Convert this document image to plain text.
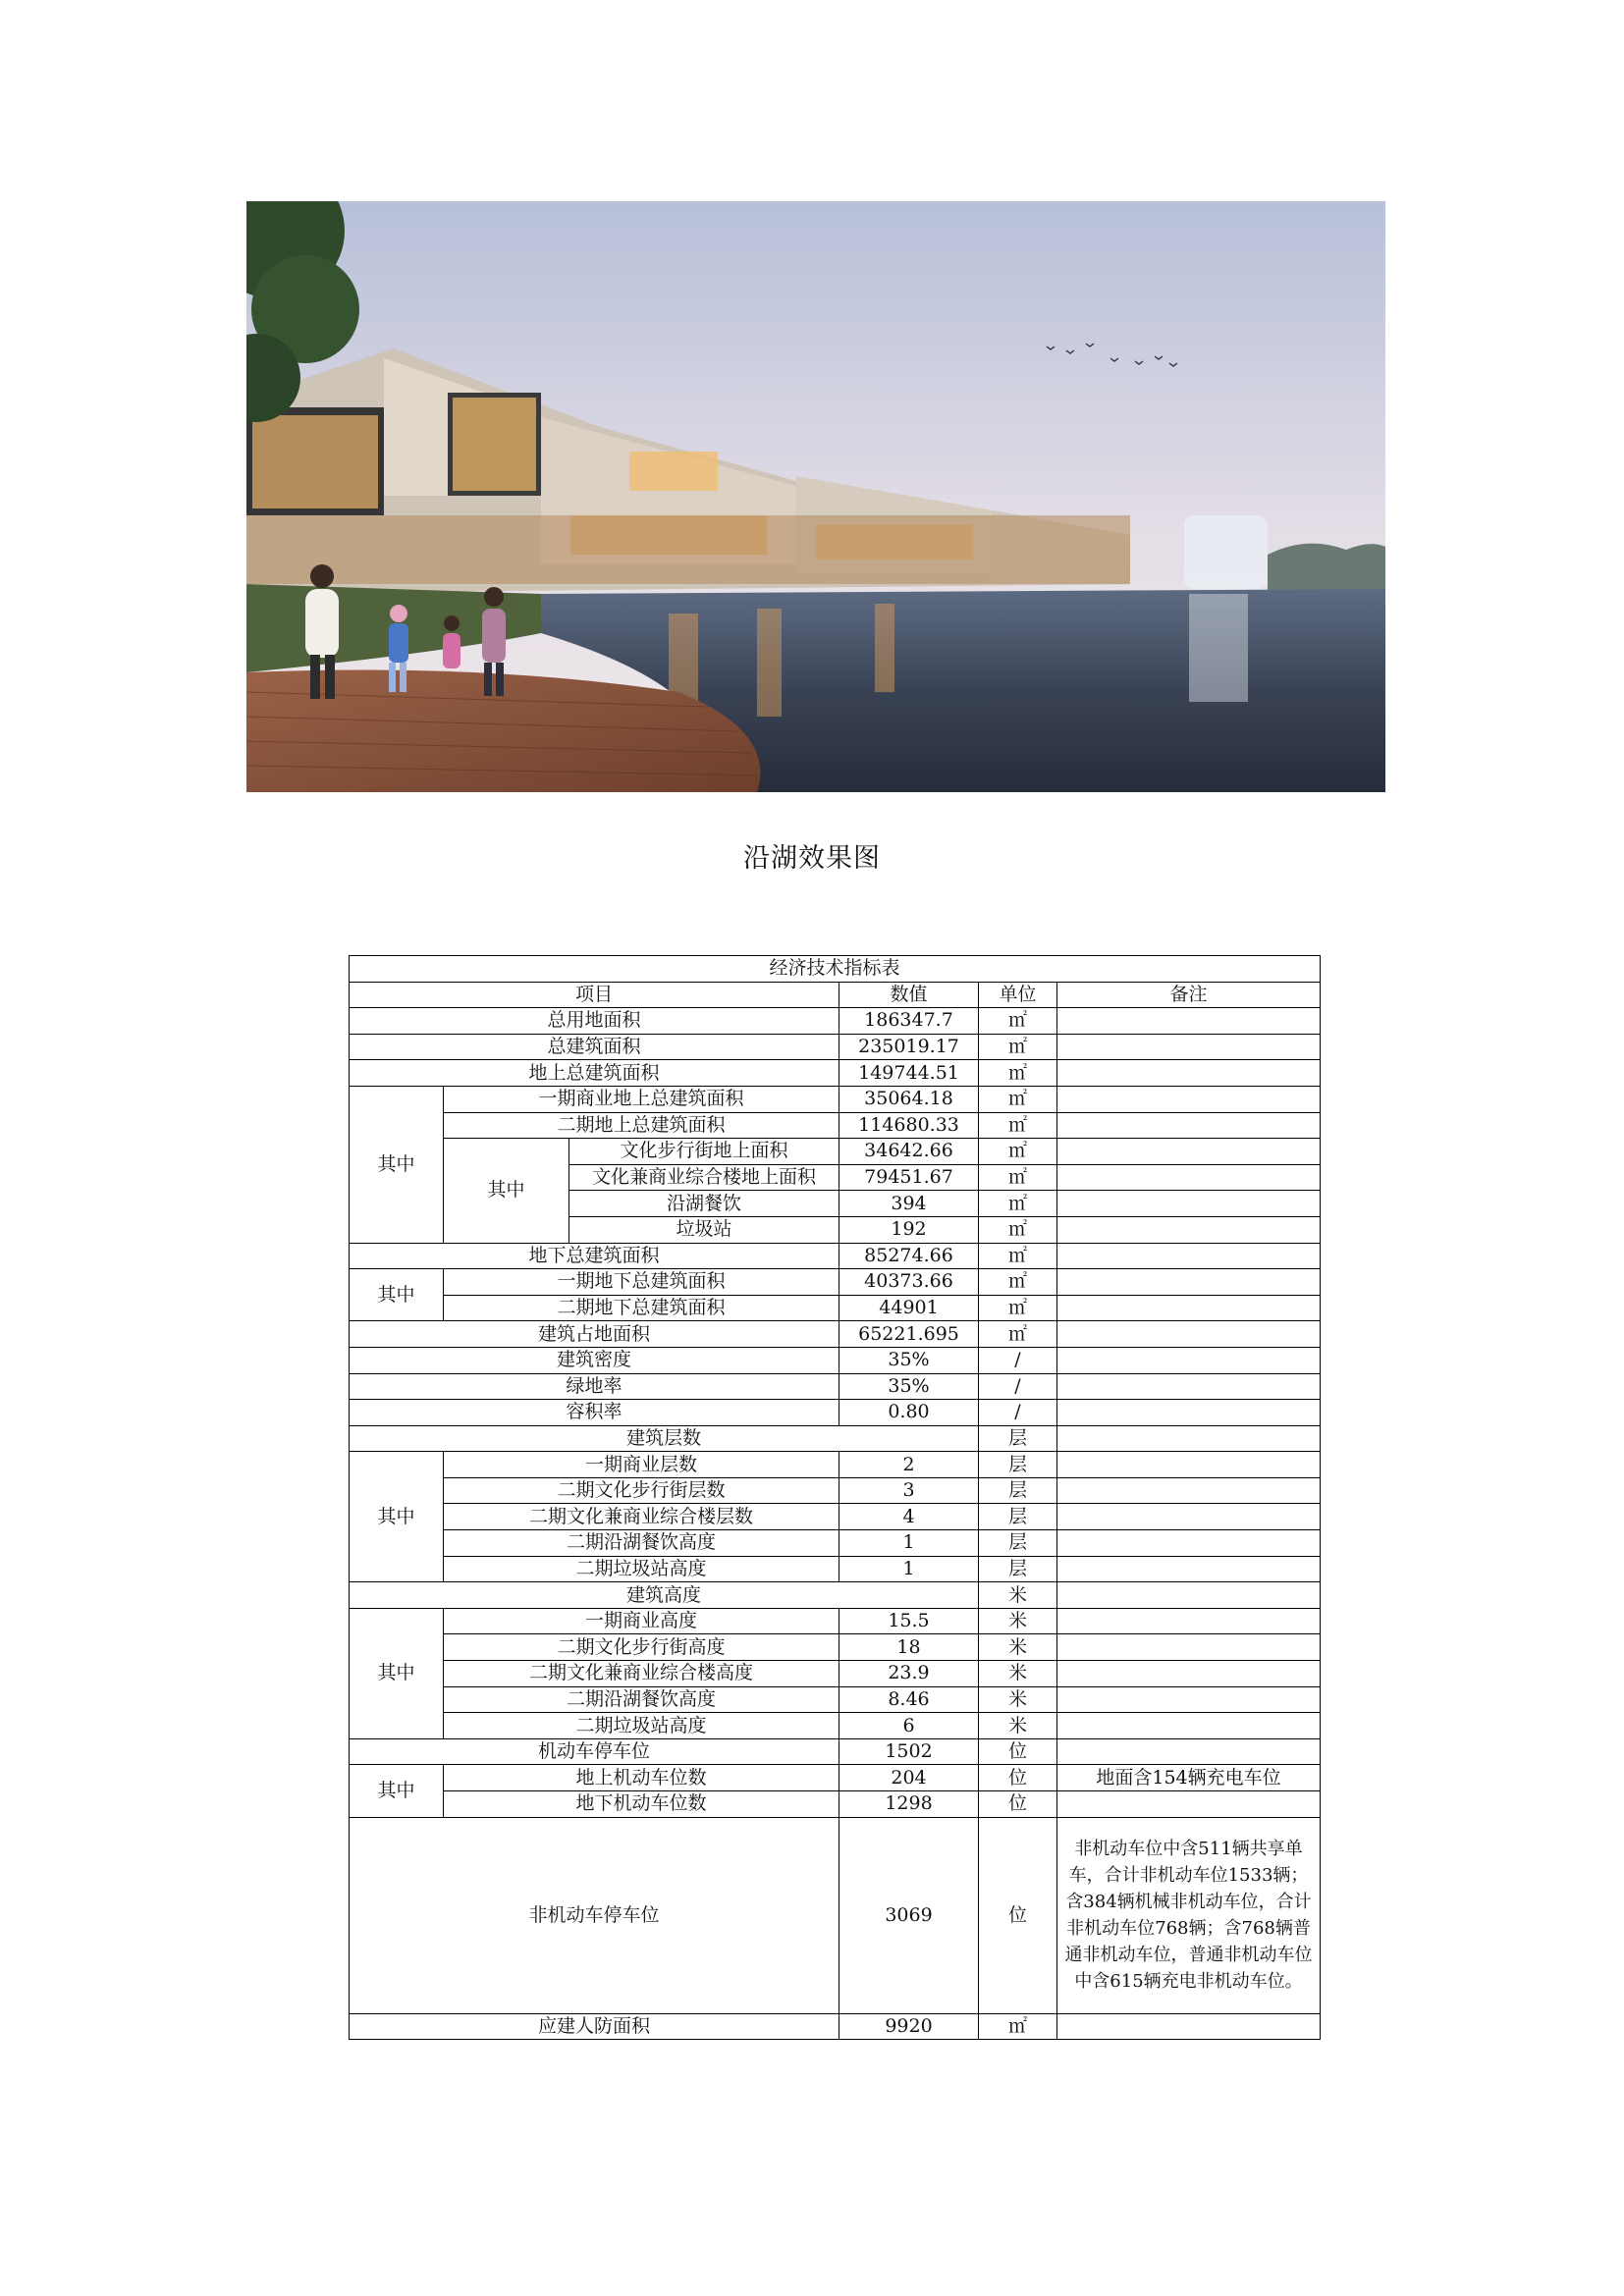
沿湖效果图
经济技术指标表					
项目			数值	单位	备注
总用地面积			186347.7	㎡	
总建筑面积			235019.17	㎡	
地上总建筑面积			149744.51	㎡	
其中	一期商业地上总建筑面积		35064.18	㎡	
	二期地上总建筑面积		114680.33	㎡	
	其中	文化步行街地上面积	34642.66	㎡	
		文化兼商业综合楼地上面积	79451.67	㎡	
		沿湖餐饮	394	㎡	
		垃圾站	192	㎡	
地下总建筑面积			85274.66	㎡	
其中	一期地下总建筑面积		40373.66	㎡	
	二期地下总建筑面积		44901	㎡	
建筑占地面积			65221.695	㎡	
建筑密度			35%	/	
绿地率			35%	/	
容积率			0.80	/	
建筑层数				层	
其中	一期商业层数		2	层	
	二期文化步行街层数		3	层	
	二期文化兼商业综合楼层数		4	层	
	二期沿湖餐饮高度		1	层	
	二期垃圾站高度		1	层	
建筑高度				米	
其中	一期商业高度		15.5	米	
	二期文化步行街高度		18	米	
	二期文化兼商业综合楼高度		23.9	米	
	二期沿湖餐饮高度		8.46	米	
	二期垃圾站高度		6	米	
机动车停车位			1502	位	
其中	地上机动车位数		204	位	地面含154辆充电车位
	地下机动车位数		1298	位	
非机动车停车位			3069	位	非机动车位中含511辆共享单车，合计非机动车位1533辆；含384辆机械非机动车位，合计非机动车位768辆；含768辆普通非机动车位，普通非机动车位中含615辆充电非机动车位。
应建人防面积			9920	㎡	
